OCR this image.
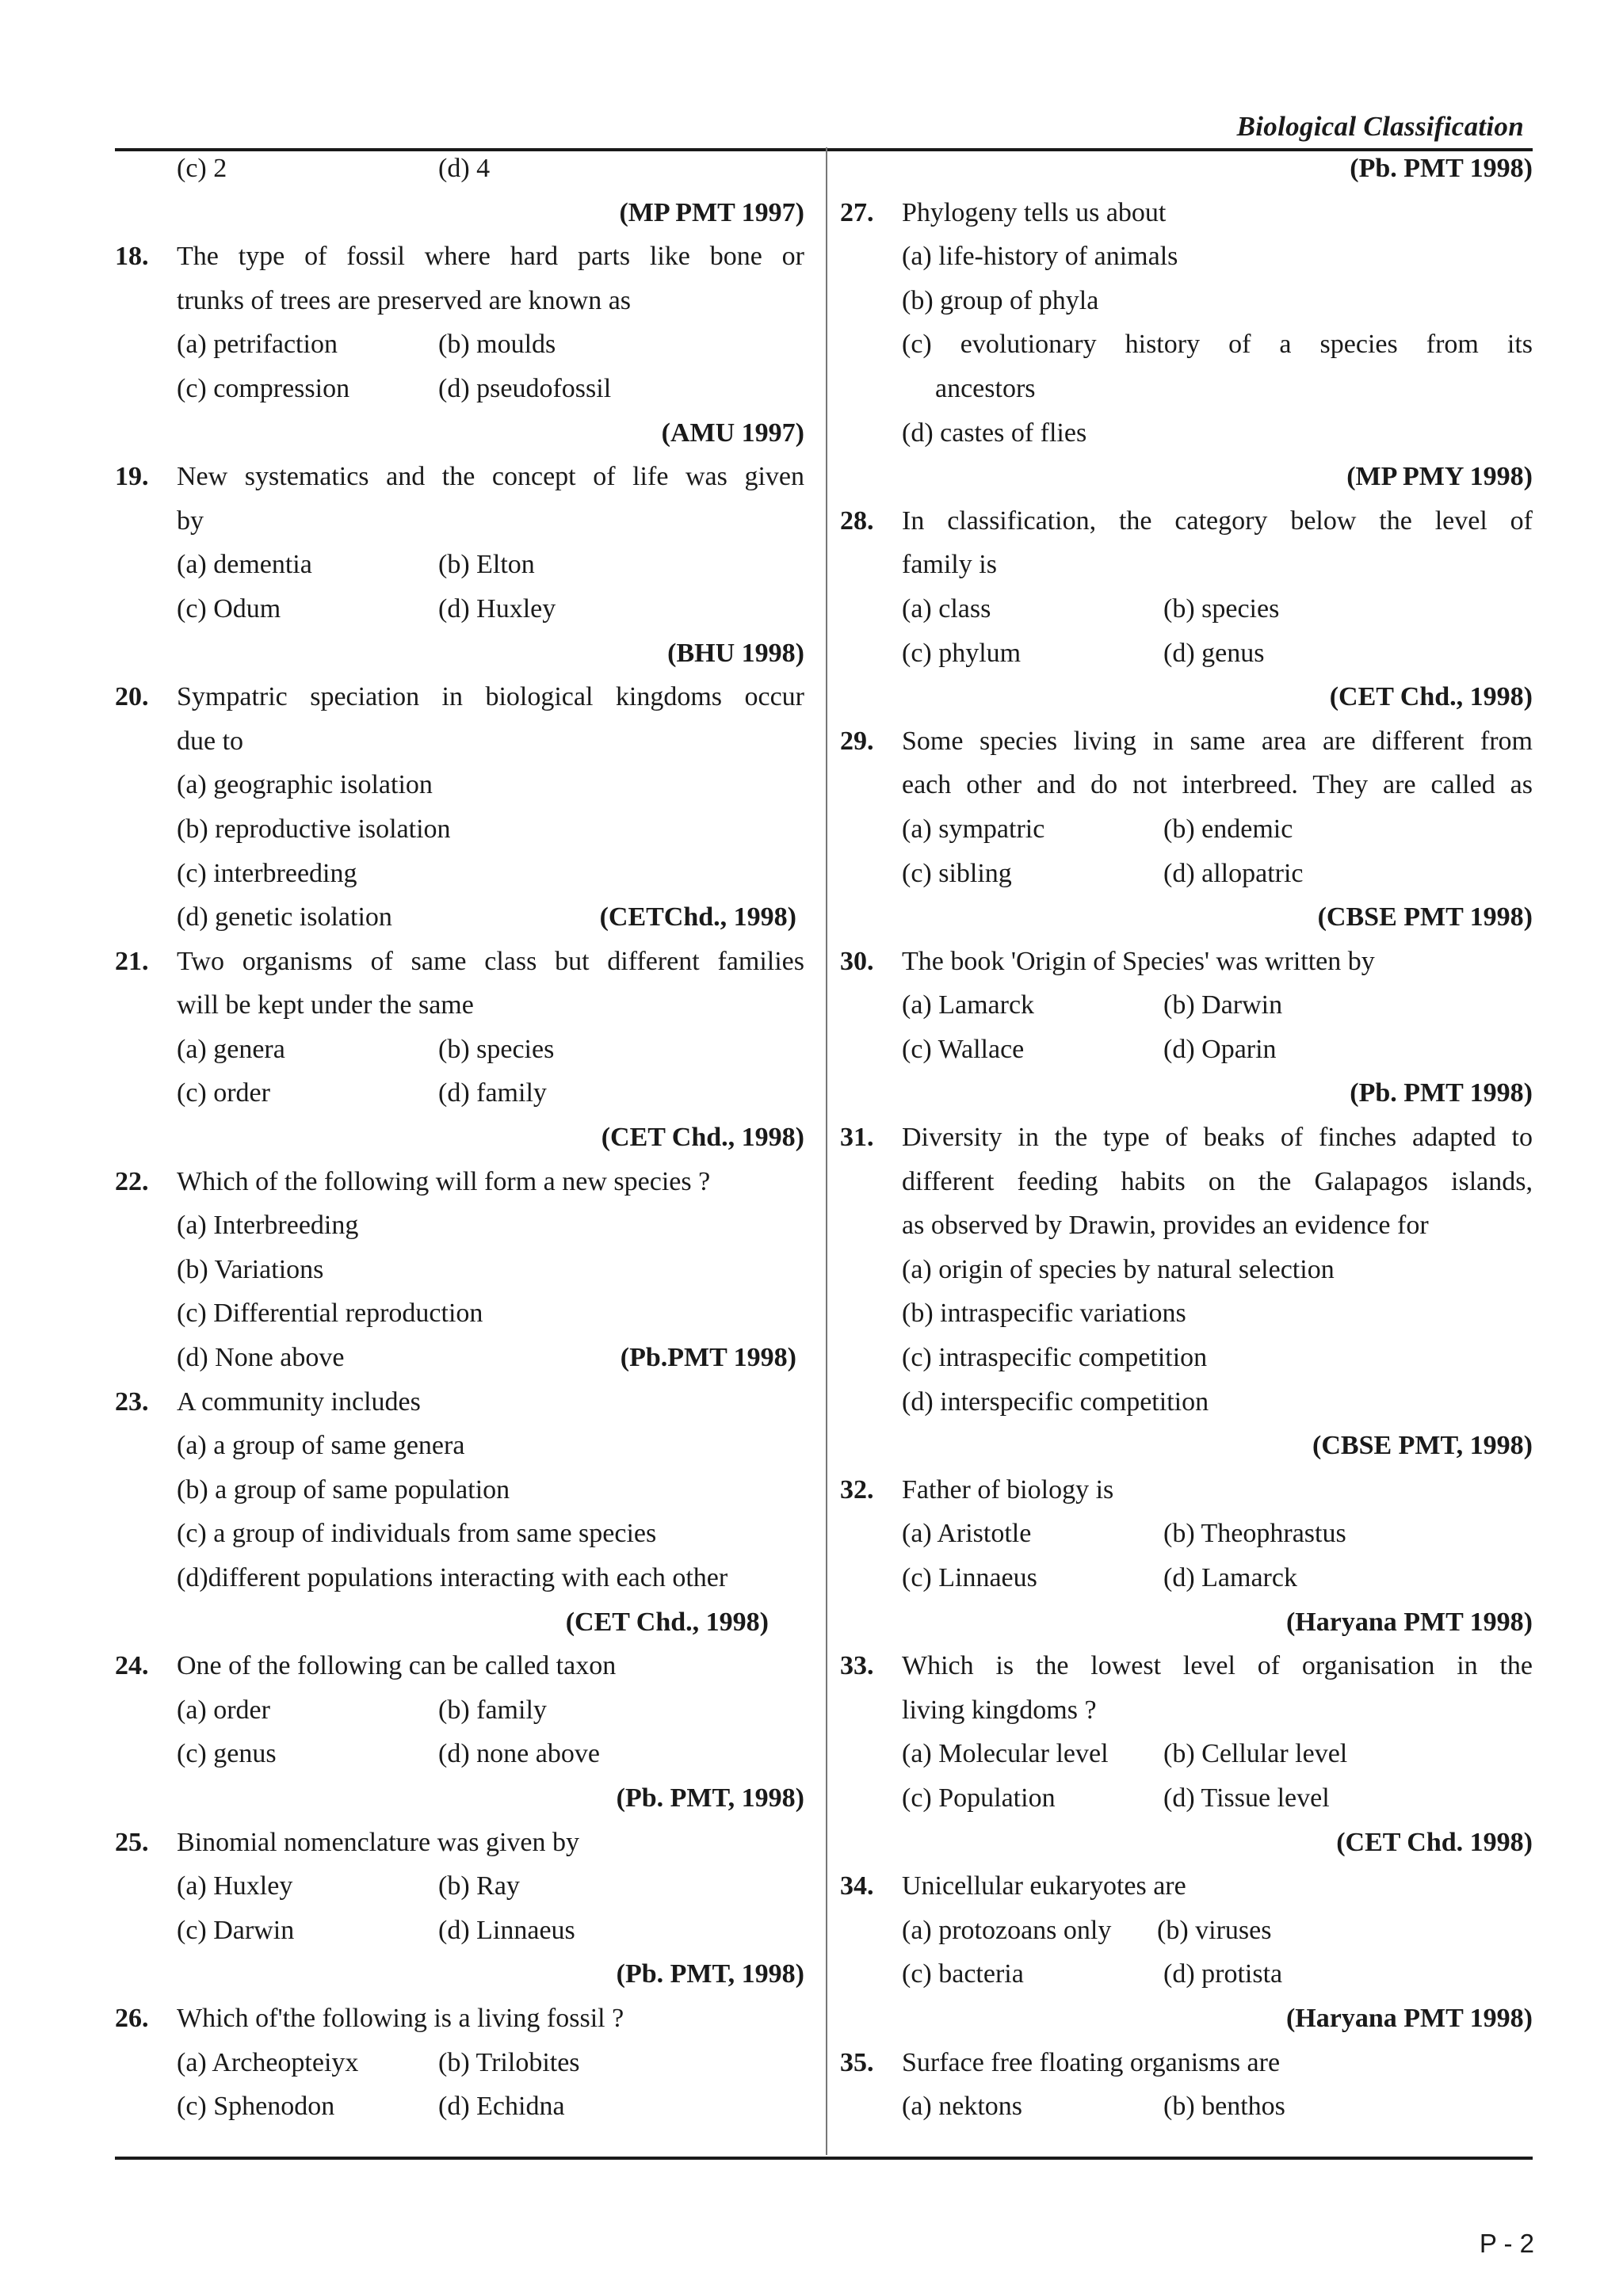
Biological Classification
(c) 2	(d) 4
(MP PMT 1997)
18. The type of fossil where hard parts like bone or
trunks of trees are preserved are known as
(a) petrifaction	(b) moulds
(c) compression	(d) pseudofossil
(AMU 1997)
19. New systematics and the concept of life was given
by
(a) dementia	(b) Elton
(c) Odum	(d) Huxley
(BHU 1998)
20. Sympatric speciation in biological kingdoms occur
due to
(a) geographic isolation
(b) reproductive isolation
(c) interbreeding
(d) genetic isolation	(CETChd., 1998)
21. Two organisms of same class but different families
will be kept under the same
(a) genera	(b) species
(c) order	(d) family
(CET Chd., 1998)
22. Which of the following will form a new species ?
(a) Interbreeding
(b) Variations
(c) Differential reproduction
(d) None above	(Pb.PMT 1998)
23. A community includes
(a) a group of same genera
(b) a group of same population
(c) a group of individuals from same species
(d)different populations interacting with each other
(CET Chd., 1998)
24. One of the following can be called taxon
(a) order	(b) family
(c) genus	(d) none above
(Pb. PMT, 1998)
25. Binomial nomenclature was given by
(a) Huxley	(b) Ray
(c) Darwin	(d) Linnaeus
(Pb. PMT, 1998)
26. Which of'the following is a living fossil ?
(a) Archeopteiyx	(b) Trilobites
(c) Sphenodon	(d) Echidna
(Pb. PMT 1998)
27. Phylogeny tells us about
(a) life-history of animals
(b) group of phyla
(c) evolutionary history of a species from its
ancestors
(d) castes of flies
(MP PMY 1998)
28. In classification, the category below the level of
family is
(a) class	(b) species
(c) phylum	(d) genus
(CET Chd., 1998)
29. Some species living in same area are different from
each other and do not interbreed. They are called as
(a) sympatric	(b) endemic
(c) sibling	(d) allopatric
(CBSE PMT 1998)
30. The book 'Origin of Species' was written by
(a) Lamarck	(b) Darwin
(c) Wallace	(d) Oparin
(Pb. PMT 1998)
31. Diversity in the type of beaks of finches adapted to
different feeding habits on the Galapagos islands,
as observed by Drawin, provides an evidence for
(a) origin of species by natural selection
(b) intraspecific variations
(c) intraspecific competition
(d) interspecific competition
(CBSE PMT, 1998)
32. Father of biology is
(a) Aristotle	(b) Theophrastus
(c) Linnaeus	(d) Lamarck
(Haryana PMT 1998)
33. Which is the lowest level of organisation in the
living kingdoms ?
(a) Molecular level (b) Cellular level
(c) Population	(d) Tissue level
(CET Chd. 1998)
34. Unicellular eukaryotes are
(a) protozoans only (b) viruses
(c) bacteria	(d) protista
(Haryana PMT 1998)
35. Surface free floating organisms are
(a) nektons	(b) benthos
P - 2
